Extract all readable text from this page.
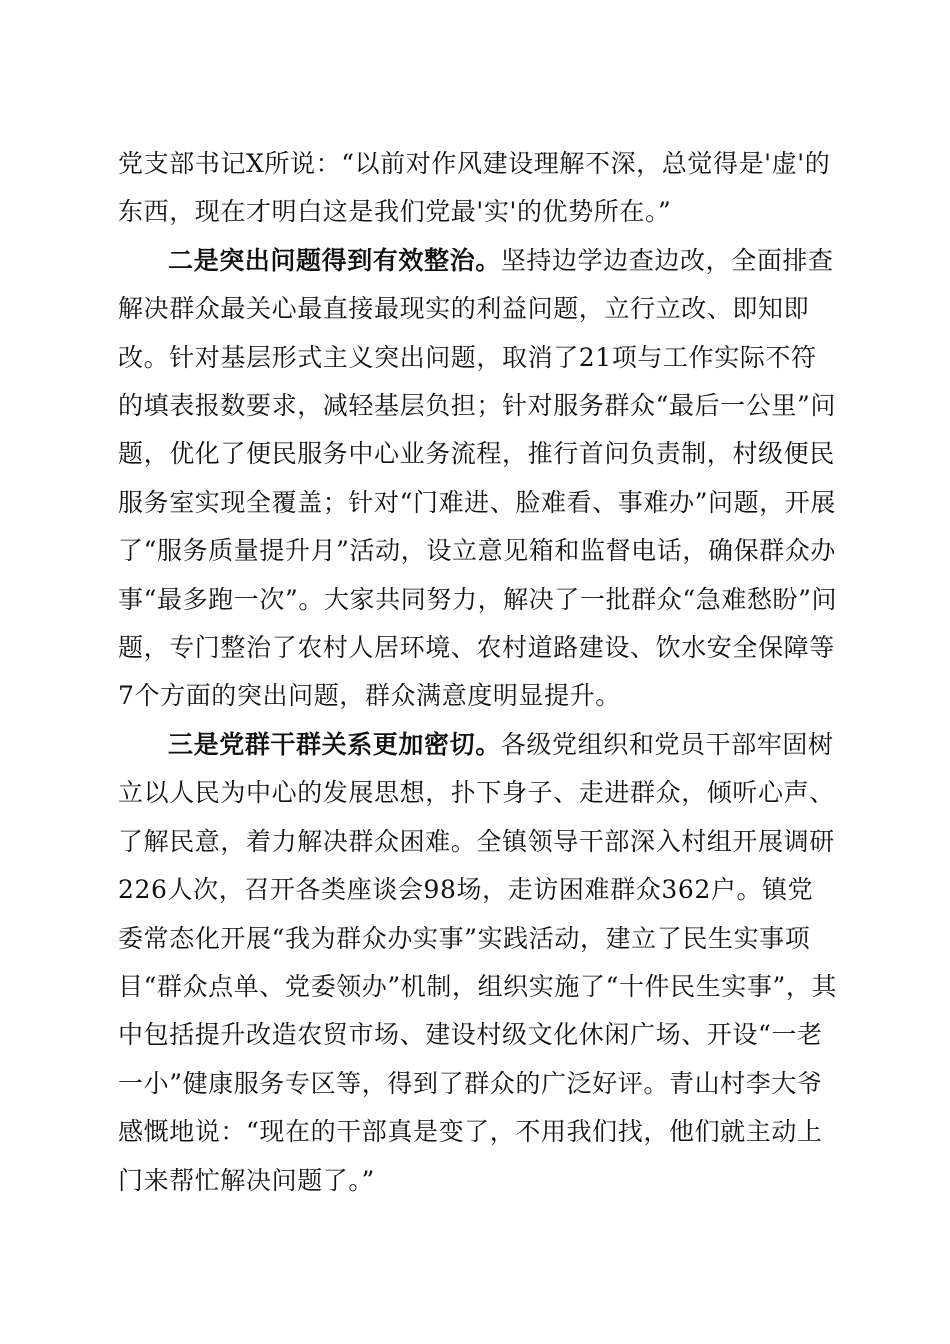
党支部书记X所说：“以前对作风建设理解不深，总觉得是'虚'的东西，现在才明白这是我们党最'实'的优势所在。”

二是突出问题得到有效整治。坚持边学边查边改，全面排查解决群众最关心最直接最现实的利益问题，立行立改、即知即改。针对基层形式主义突出问题，取消了21项与工作实际不符的填表报数要求，减轻基层负担；针对服务群众“最后一公里”问题，优化了便民服务中心业务流程，推行首问负责制，村级便民服务室实现全覆盖；针对“门难进、脸难看、事难办”问题，开展了“服务质量提升月”活动，设立意见箱和监督电话，确保群众办事“最多跑一次”。大家共同努力，解决了一批群众“急难愁盼”问题，专门整治了农村人居环境、农村道路建设、饮水安全保障等7个方面的突出问题，群众满意度明显提升。

三是党群干群关系更加密切。各级党组织和党员干部牢固树立以人民为中心的发展思想，扑下身子、走进群众，倾听心声、了解民意，着力解决群众困难。全镇领导干部深入村组开展调研226人次，召开各类座谈会98场，走访困难群众362户。镇党委常态化开展“我为群众办实事”实践活动，建立了民生实事项目“群众点单、党委领办”机制，组织实施了“十件民生实事”，其中包括提升改造农贸市场、建设村级文化休闲广场、开设“一老一小”健康服务专区等，得到了群众的广泛好评。青山村李大爷感慨地说：“现在的干部真是变了，不用我们找，他们就主动上门来帮忙解决问题了。”
